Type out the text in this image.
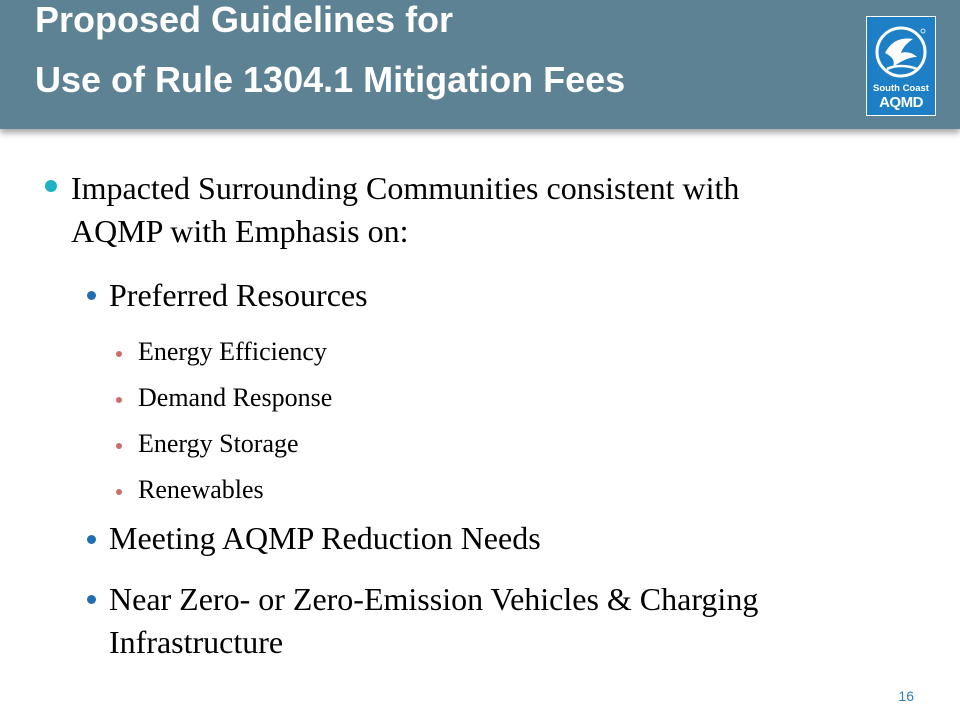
Proposed Guidelines for
Use of Rule 1304.1 Mitigation Fees	South Coast
AQMD
Impacted Surrounding Communities consistent with
AQMP with Emphasis on:
Preferred Resources
Energy Efficiency
Demand Response
Energy Storage
Renewables
Meeting AQMP Reduction Needs
Near Zero- or Zero-Emission Vehicles & Charging
Infrastructure
16
